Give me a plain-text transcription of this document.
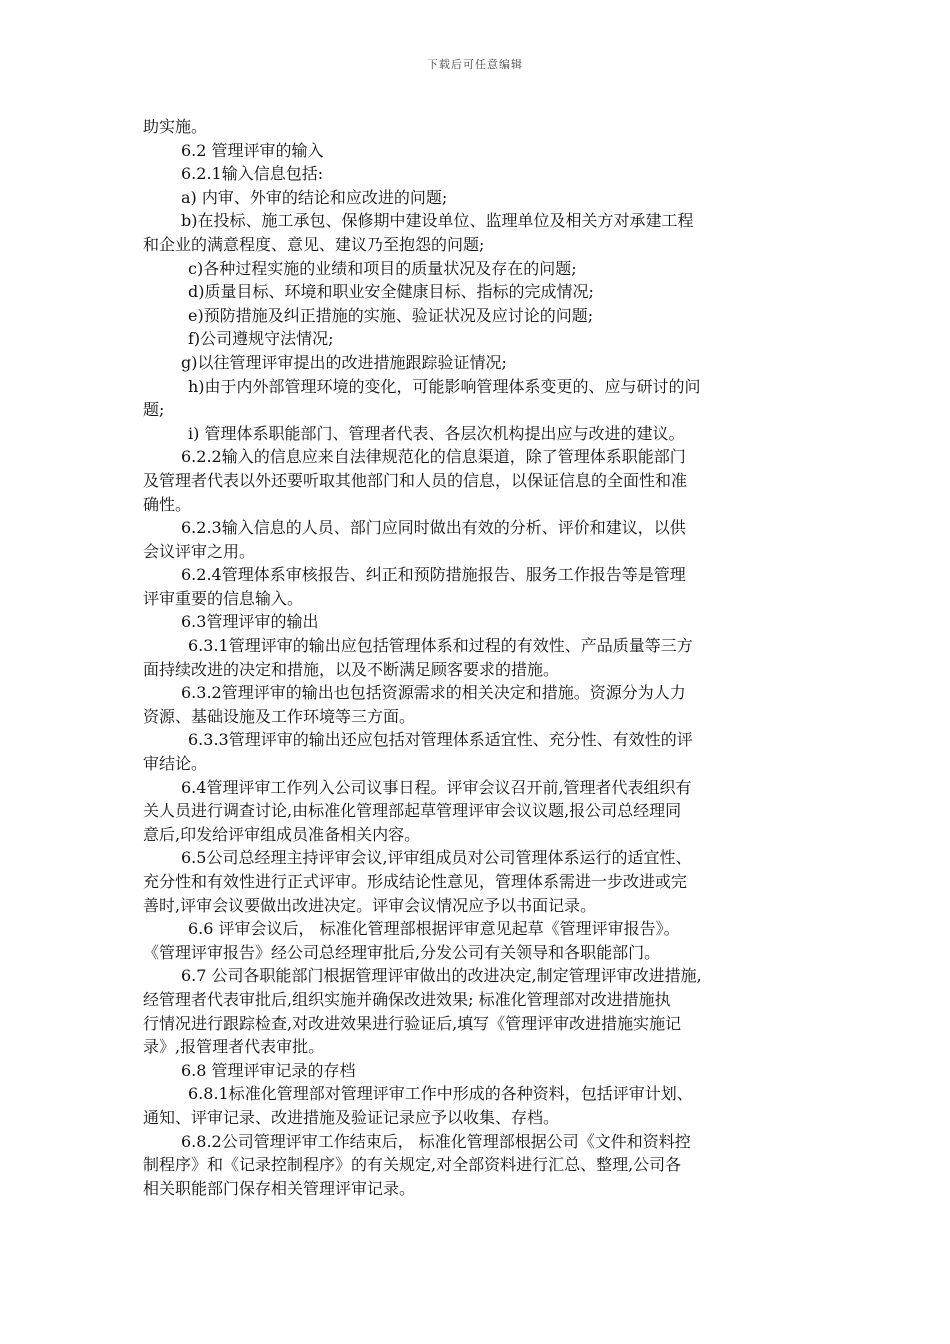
下载后可任意编辑
助实施。
6.2 管理评审的输入
6.2.1输入信息包括:
a) 内审、外审的结论和应改进的问题;
b)在投标、施工承包、保修期中建设单位、监理单位及相关方对承建工程
和企业的满意程度、意见、建议乃至抱怨的问题;
c)各种过程实施的业绩和项目的质量状况及存在的问题;
d)质量目标、环境和职业安全健康目标、指标的完成情况;
e)预防措施及纠正措施的实施、验证状况及应讨论的问题;
f)公司遵规守法情况;
g)以往管理评审提出的改进措施跟踪验证情况;
h)由于内外部管理环境的变化，可能影响管理体系变更的、应与研讨的问
题;
i) 管理体系职能部门、管理者代表、各层次机构提出应与改进的建议。
6.2.2输入的信息应来自法律规范化的信息渠道，除了管理体系职能部门
及管理者代表以外还要听取其他部门和人员的信息，以保证信息的全面性和准
确性。
6.2.3输入信息的人员、部门应同时做出有效的分析、评价和建议，以供
会议评审之用。
6.2.4管理体系审核报告、纠正和预防措施报告、服务工作报告等是管理
评审重要的信息输入。
6.3管理评审的输出
6.3.1管理评审的输出应包括管理体系和过程的有效性、产品质量等三方
面持续改进的决定和措施，以及不断满足顾客要求的措施。
6.3.2管理评审的输出也包括资源需求的相关决定和措施。资源分为人力
资源、基础设施及工作环境等三方面。
6.3.3管理评审的输出还应包括对管理体系适宜性、充分性、有效性的评
审结论。
6.4管理评审工作列入公司议事日程。评审会议召开前,管理者代表组织有
关人员进行调查讨论,由标准化管理部起草管理评审会议议题,报公司总经理同
意后,印发给评审组成员准备相关内容。
6.5公司总经理主持评审会议,评审组成员对公司管理体系运行的适宜性、
充分性和有效性进行正式评审。形成结论性意见，管理体系需进一步改进或完
善时,评审会议要做出改进决定。评审会议情况应予以书面记录。
6.6 评审会议后， 标准化管理部根据评审意见起草《管理评审报告》。
《管理评审报告》经公司总经理审批后,分发公司有关领导和各职能部门。
6.7 公司各职能部门根据管理评审做出的改进决定,制定管理评审改进措施,
经管理者代表审批后,组织实施并确保改进效果; 标准化管理部对改进措施执
行情况进行跟踪检查,对改进效果进行验证后,填写《管理评审改进措施实施记
录》,报管理者代表审批。
6.8 管理评审记录的存档
6.8.1标准化管理部对管理评审工作中形成的各种资料，包括评审计划、
通知、评审记录、改进措施及验证记录应予以收集、存档。
6.8.2公司管理评审工作结束后， 标准化管理部根据公司《文件和资料控
制程序》和《记录控制程序》的有关规定,对全部资料进行汇总、整理,公司各
相关职能部门保存相关管理评审记录。
